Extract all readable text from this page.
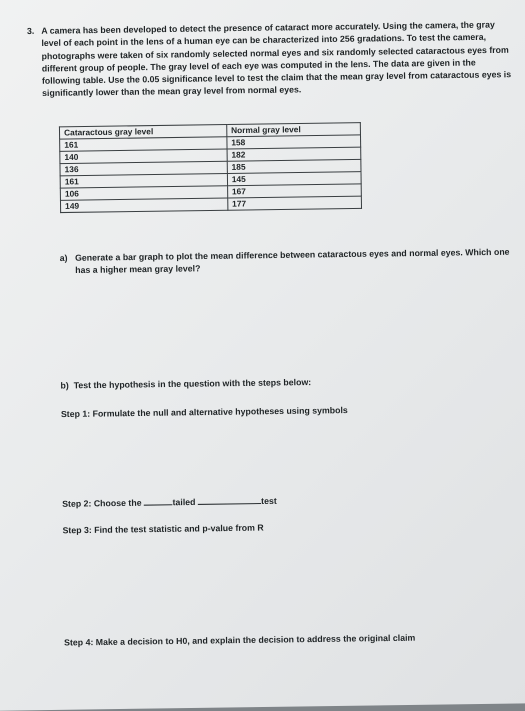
3. A camera has been developed to detect the presence of cataract more accurately. Using the camera, the gray level of each point in the lens of a human eye can be characterized into 256 gradations. To test the camera, photographs were taken of six randomly selected normal eyes and six randomly selected cataractous eyes from different group of people. The gray level of each eye was computed in the lens. The data are given in the following table. Use the 0.05 significance level to test the claim that the mean gray level from cataractous eyes is significantly lower than the mean gray level from normal eyes.

Cataractous gray level	Normal gray level
161	158
140	182
136	185
161	145
106	167
149	177
a) Generate a bar graph to plot the mean difference between cataractous eyes and normal eyes. Which one has a higher mean gray level?
b) Test the hypothesis in the question with the steps below:
Step 1: Formulate the null and alternative hypotheses using symbols
Step 2: Choose the	tailed	test
Step 3: Find the test statistic and p-value from R
Step 4: Make a decision to H0, and explain the decision to address the original claim
